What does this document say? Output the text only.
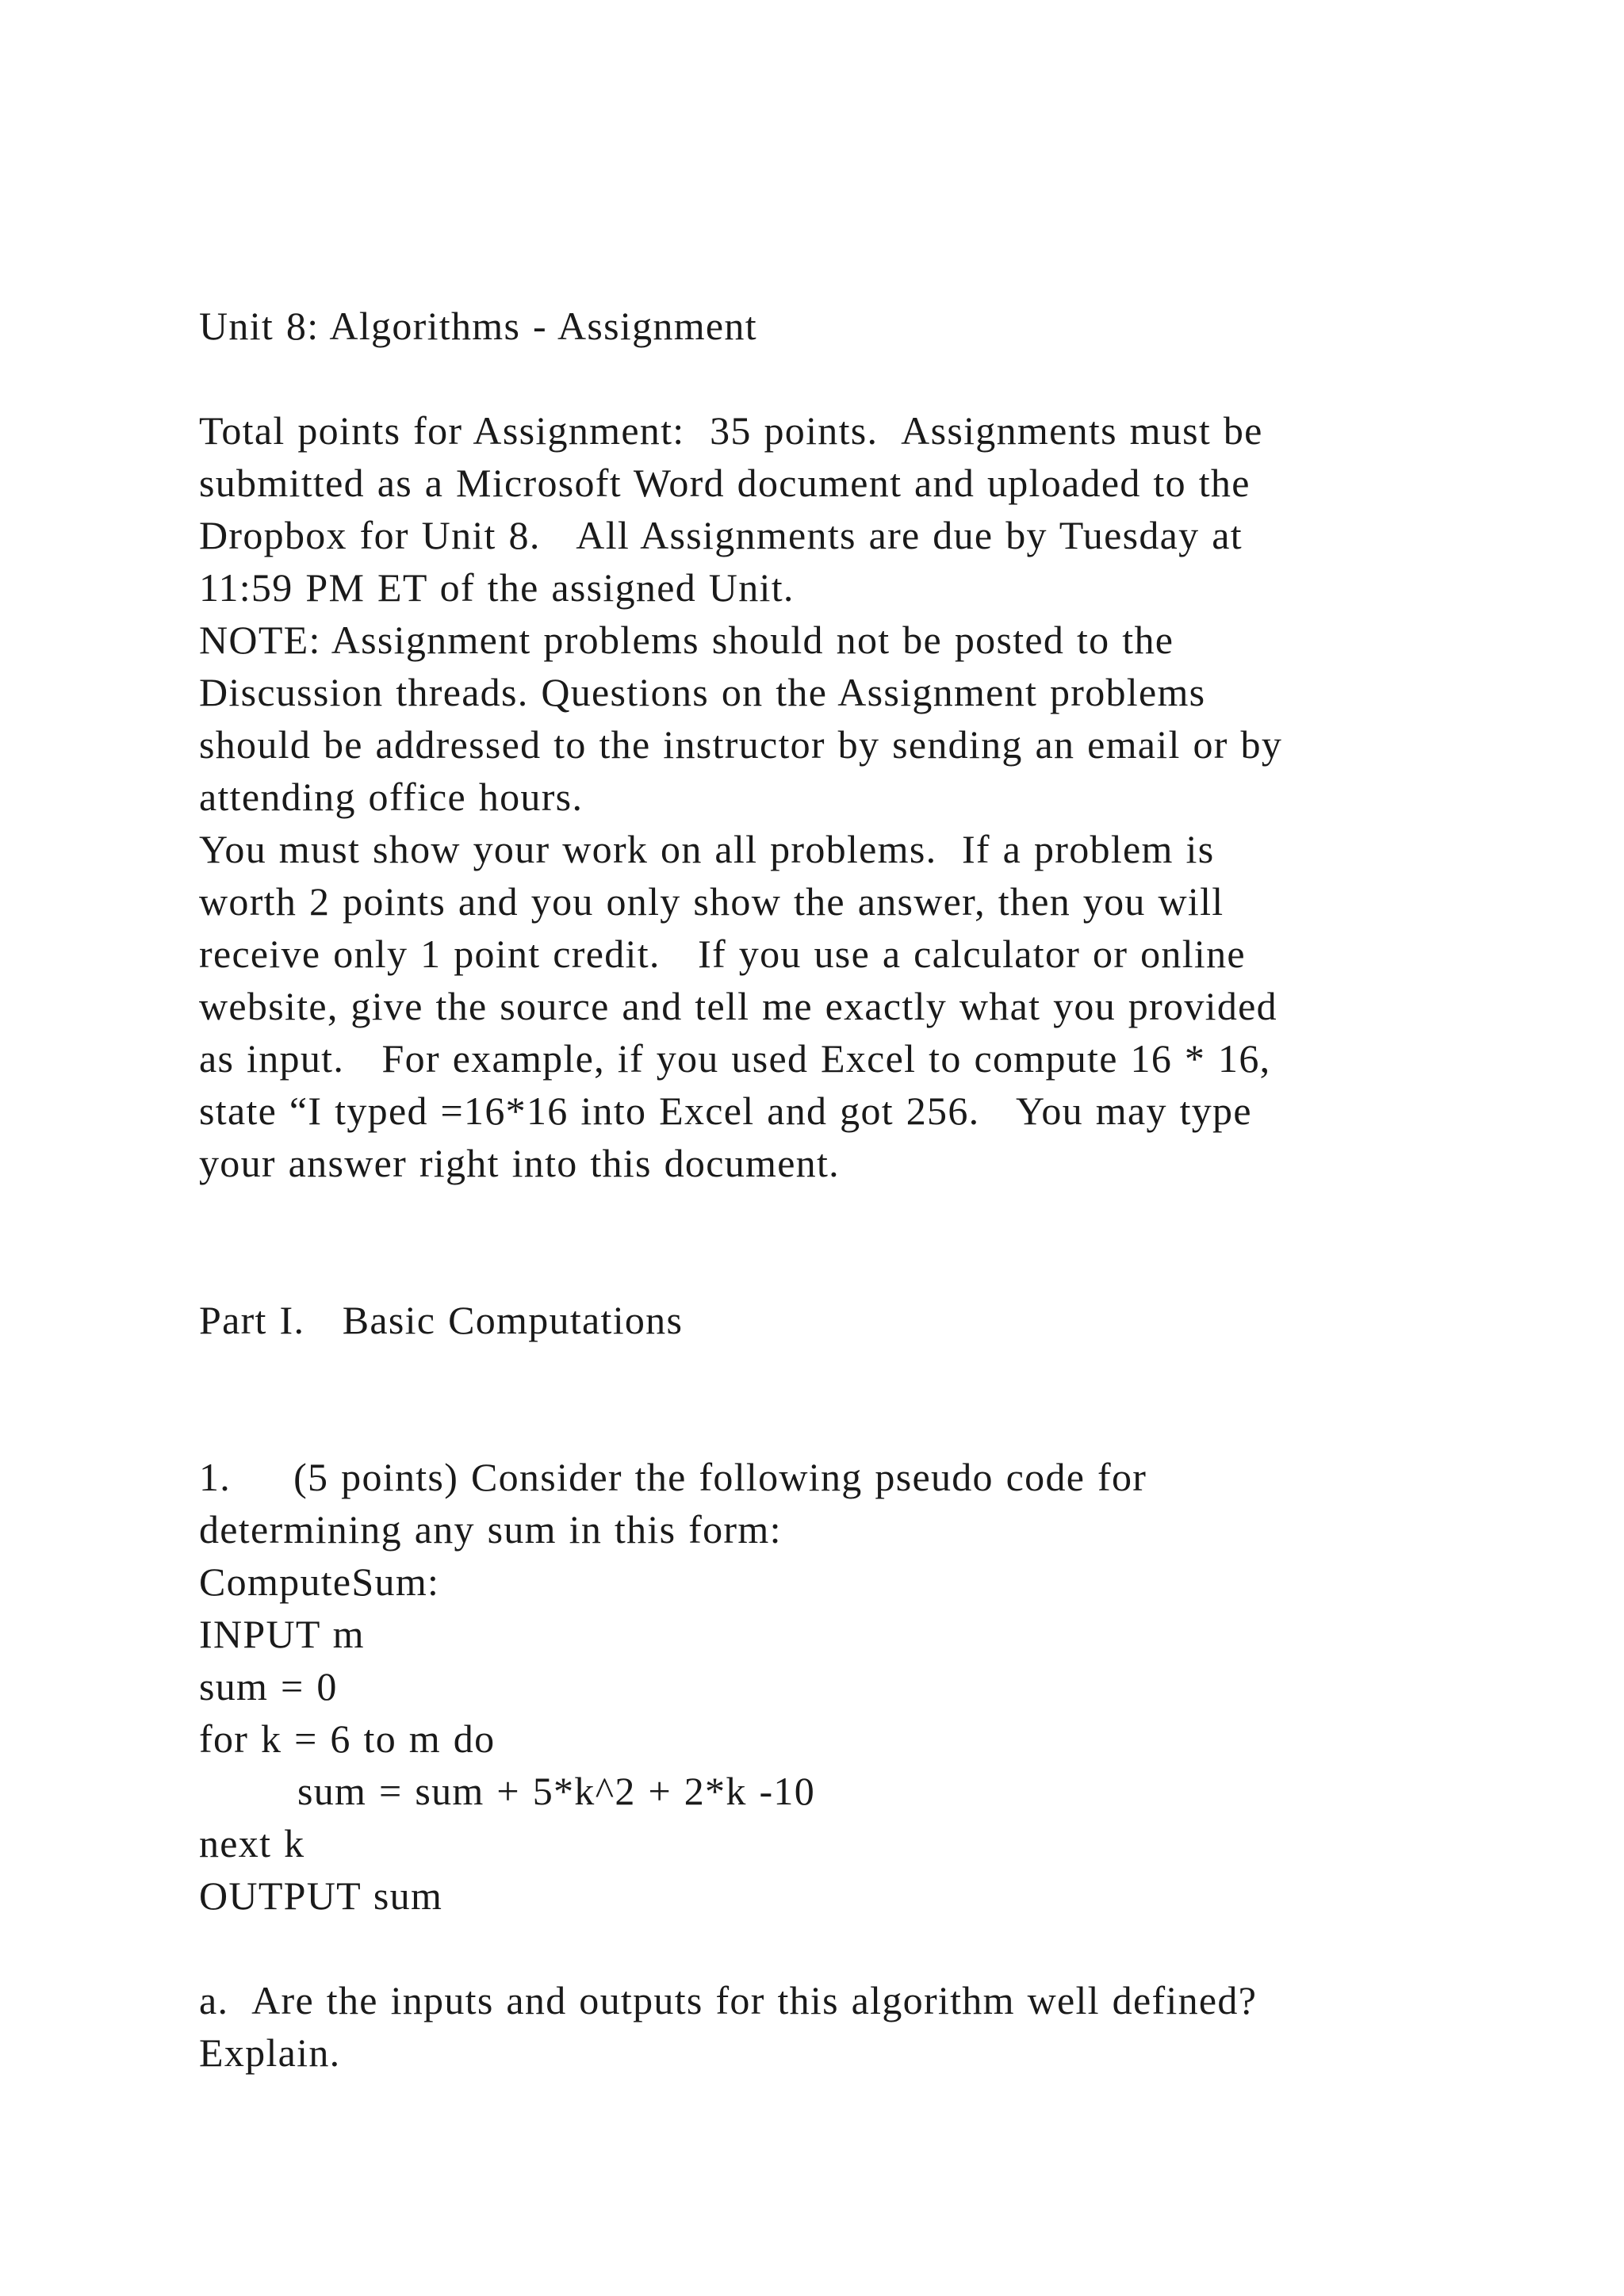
Unit 8: Algorithms - Assignment

Total points for Assignment:  35 points.  Assignments must be

submitted as a Microsoft Word document and uploaded to the

Dropbox for Unit 8.   All Assignments are due by Tuesday at

11:59 PM ET of the assigned Unit.

NOTE: Assignment problems should not be posted to the

Discussion threads. Questions on the Assignment problems

should be addressed to the instructor by sending an email or by

attending office hours.

You must show your work on all problems.  If a problem is

worth 2 points and you only show the answer, then you will

receive only 1 point credit.   If you use a calculator or online

website, give the source and tell me exactly what you provided

as input.   For example, if you used Excel to compute 16 * 16,

state “I typed =16*16 into Excel and got 256.   You may type

your answer right into this document.

Part I.   Basic Computations

1.     (5 points) Consider the following pseudo code for

determining any sum in this form:

ComputeSum:

INPUT m

sum = 0

for k = 6 to m do

sum = sum + 5*k^2 + 2*k -10

next k

OUTPUT sum

a.  Are the inputs and outputs for this algorithm well defined?

Explain.
